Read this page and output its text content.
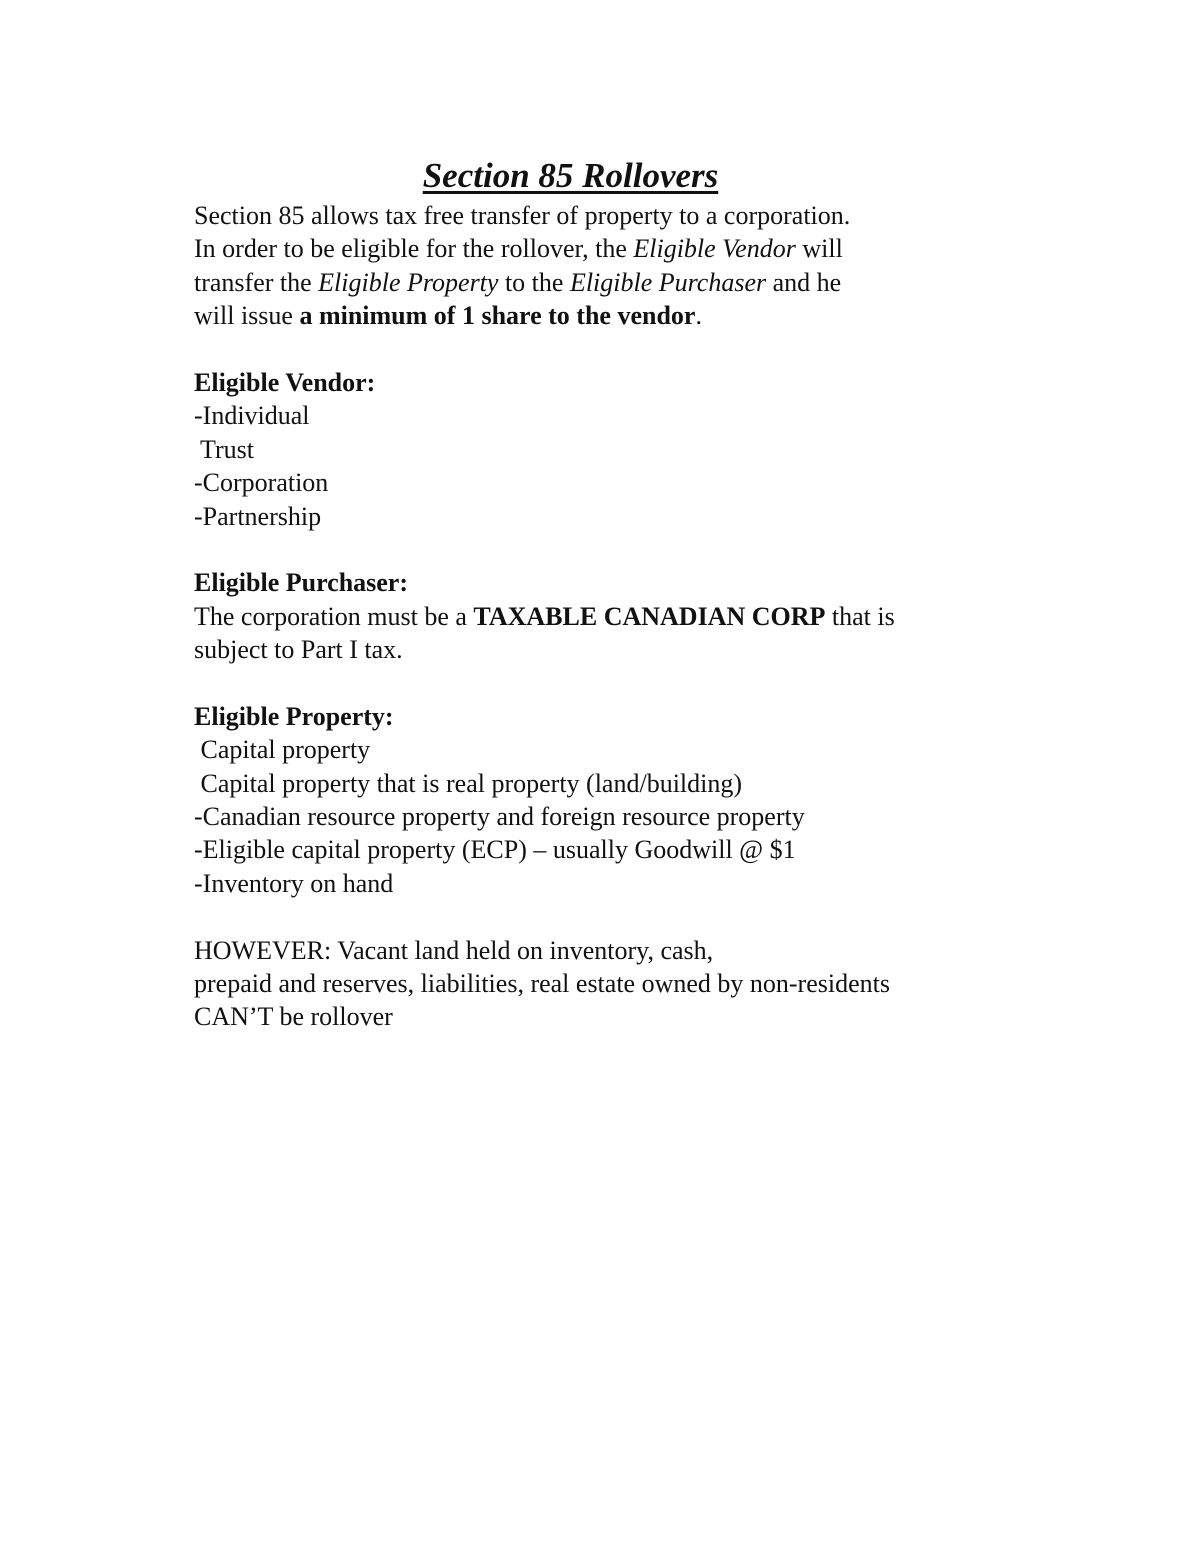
Section 85 Rollovers
Section 85 allows tax free transfer of property to a corporation.
In order to be eligible for the rollover, the Eligible Vendor will
transfer the Eligible Property to the Eligible Purchaser and he
will issue a minimum of 1 share to the vendor.
Eligible Vendor:
-Individual
Trust
-Corporation
-Partnership
Eligible Purchaser:
The corporation must be a TAXABLE CANADIAN CORP that is
subject to Part I tax.
Eligible Property:
Capital property
Capital property that is real property (land/building)
-Canadian resource property and foreign resource property
-Eligible capital property (ECP) – usually Goodwill @ $1
-Inventory on hand
HOWEVER: Vacant land held on inventory, cash,
prepaid and reserves, liabilities, real estate owned by non-residents
CAN’T be rollover
